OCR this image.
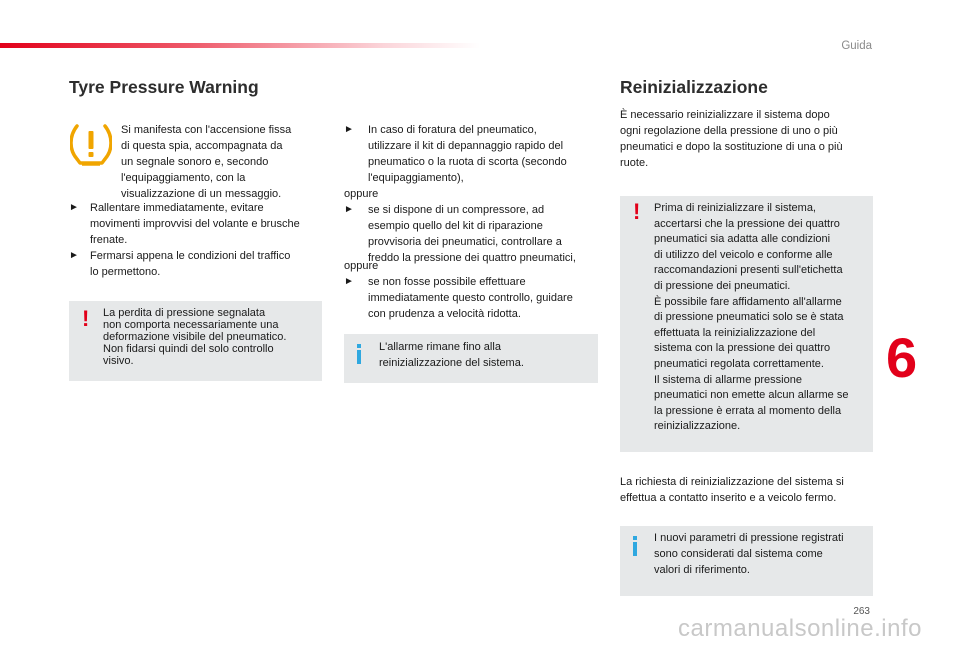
Guida
Tyre Pressure Warning

Si manifesta con l'accensione fissa

di questa spia, accompagnata da

un segnale sonoro e, secondo

l'equipaggiamento, con la

visualizzazione di un messaggio.

►	Rallentare immediatamente, evitare
movimenti improvvisi del volante e brusche
frenate.
►	Fermarsi appena le condizioni del traffico
lo permettono.
! La perdita di pressione segnalata
non comporta necessariamente una
deformazione visibile del pneumatico.
Non fidarsi quindi del solo controllo
visivo.
►	In caso di foratura del pneumatico,
utilizzare il kit di depannaggio rapido del
pneumatico o la ruota di scorta (secondo
l'equipaggiamento),

oppure

►	se si dispone di un compressore, ad
esempio quello del kit di riparazione
provvisoria dei pneumatici, controllare a
freddo la pressione dei quattro pneumatici,

oppure

►	se non fosse possibile effettuare
immediatamente questo controllo, guidare
con prudenza a velocità ridotta.
L'allarme rimane fino alla
reinizializzazione del sistema.
Reinizializzazione

È necessario reinizializzare il sistema dopo

ogni regolazione della pressione di uno o più

pneumatici e dopo la sostituzione di una o più

ruote.

! Prima di reinizializzare il sistema,
accertarsi che la pressione dei quattro
pneumatici sia adatta alle condizioni
di utilizzo del veicolo e conforme alle
raccomandazioni presenti sull'etichetta
di pressione dei pneumatici.
È possibile fare affidamento all'allarme
di pressione pneumatici solo se è stata
effettuata la reinizializzazione del
sistema con la pressione dei quattro
pneumatici regolata correttamente.
Il sistema di allarme pressione
pneumatici non emette alcun allarme se
la pressione è errata al momento della
reinizializzazione.

La richiesta di reinizializzazione del sistema si

effettua a contatto inserito e a veicolo fermo.

I nuovi parametri di pressione registrati
sono considerati dal sistema come
valori di riferimento.
6
263
carmanualsonline.info
